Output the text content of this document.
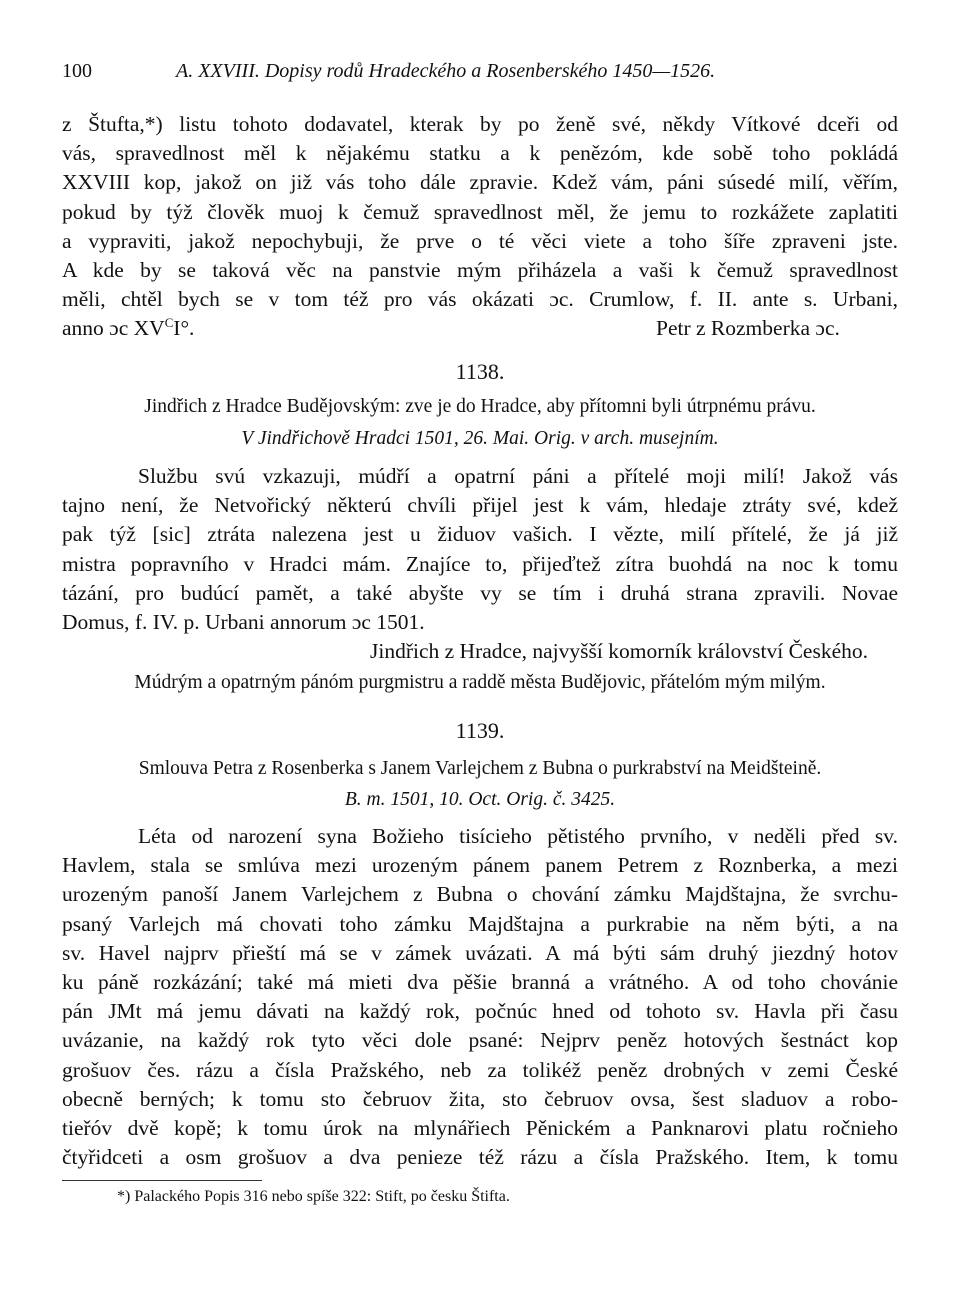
100	A. XXVIII. Dopisy rodů Hradeckého a Rosenberského 1450—1526.
z Štufta,*) listu tohoto dodavatel, kterak by po ženě své, někdy Vítkové dceři od
vás, spravedlnost měl k nějakému statku a k penězóm, kde sobě toho pokládá
XXVIII kop, jakož on již vás toho dále zpravie. Kdež vám, páni súsedé milí, věřím,
pokud by týž člověk muoj k čemuž spravedlnost měl, že jemu to rozkážete zaplatiti
a vypraviti, jakož nepochybuji, že prve o té věci viete a toho šíře zpraveni jste.
A kde by se taková věc na panstvie mým přiházela a vaši k čemuž spravedlnost
měli, chtěl bych se v tom též pro vás okázati ɔc. Crumlow, f. II. ante s. Urbani,
anno ɔc $XV^CI^\circ$.	Petr z Rozmberka ɔc.
1138.
Jindřich z Hradce Budějovským: zve je do Hradce, aby přítomni byli útrpnému právu.
V Jindřichově Hradci 1501, 26. Mai. Orig. v arch. musejním.
Službu svú vzkazuji, múdří a opatrní páni a přítelé moji milí! Jakož vás
tajno není, že Netvořický některú chvíli přijel jest k vám, hledaje ztráty své, kdež
pak týž [sic] ztráta nalezena jest u židuov vašich. I vězte, milí přítelé, že já již
mistra popravního v Hradci mám. Znajíce to, přijeďtež zítra buohdá na noc k tomu
tázání, pro budúcí pamět, a také abyšte vy se tím i druhá strana zpravili. Novae
Domus, f. IV. p. Urbani annorum ɔc 1501.
Jindřich z Hradce, najvyšší komorník království Českého.
Múdrým a opatrným pánóm purgmistru a raddě města Budějovic, přátelóm mým milým.
1139.
Smlouva Petra z Rosenberka s Janem Varlejchem z Bubna o purkrabství na Meidšteině.
B. m. 1501, 10. Oct. Orig. č. 3425.
Léta od narození syna Božieho tisícieho pětistého prvního, v neděli před sv.
Havlem, stala se smlúva mezi urozeným pánem panem Petrem z Roznberka, a mezi
urozeným panoší Janem Varlejchem z Bubna o chování zámku Majdštajna, že svrchu-
psaný Varlejch má chovati toho zámku Majdštajna a purkrabie na něm býti, a na
sv. Havel najprv přieští má se v zámek uvázati. A má býti sám druhý jiezdný hotov
ku páně rozkázání; také má mieti dva pěšie branná a vrátného. A od toho chovánie
pán JMt má jemu dávati na každý rok, počnúc hned od tohoto sv. Havla při času
uvázanie, na každý rok tyto věci dole psané: Nejprv peněz hotových šestnáct kop
grošuov čes. rázu a čísla Pražského, neb za tolikéž peněz drobných v zemi České
obecně berných; k tomu sto čebruov žita, sto čebruov ovsa, šest sladuov a robo-
tieřóv dvě kopě; k tomu úrok na mlynářiech Pěnickém a Panknarovi platu ročnieho
čtyřidceti a osm grošuov a dva penieze též rázu a čísla Pražského. Item, k tomu
*) Palackého Popis 316 nebo spíše 322: Stift, po česku Štifta.
